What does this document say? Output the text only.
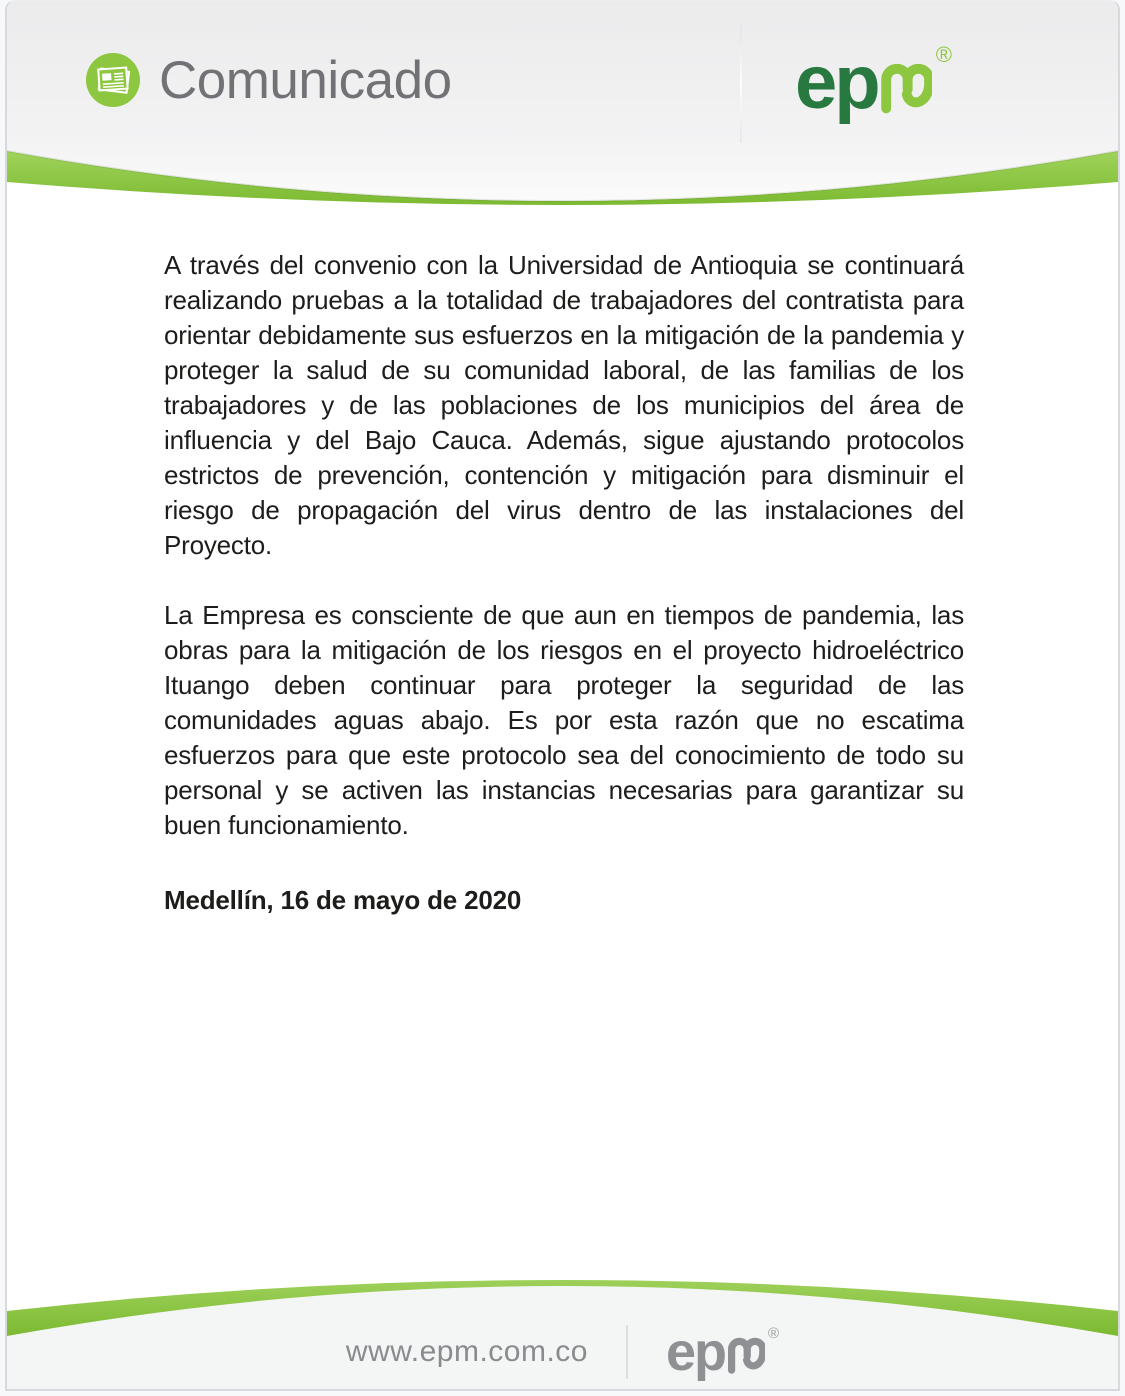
Comunicado	ep	®

A través del convenio con la Universidad de Antioquia se continuará realizando pruebas a la totalidad de trabajadores del contratista para orientar debidamente sus esfuerzos en la mitigación de la pandemia y proteger la salud de su comunidad laboral, de las familias de los trabajadores y de las poblaciones de los municipios del área de influencia y del Bajo Cauca. Además, sigue ajustando protocolos estrictos de prevención, contención y mitigación para disminuir el riesgo de propagación del virus dentro de las instalaciones del Proyecto.

La Empresa es consciente de que aun en tiempos de pandemia, las obras para la mitigación de los riesgos en el proyecto hidroeléctrico Ituango deben continuar para proteger la seguridad de las comunidades aguas abajo. Es por esta razón que no escatima esfuerzos para que este protocolo sea del conocimiento de todo su personal y se activen las instancias necesarias para garantizar su buen funcionamiento.

Medellín, 16 de mayo de 2020

www.epm.com.co ep	®
